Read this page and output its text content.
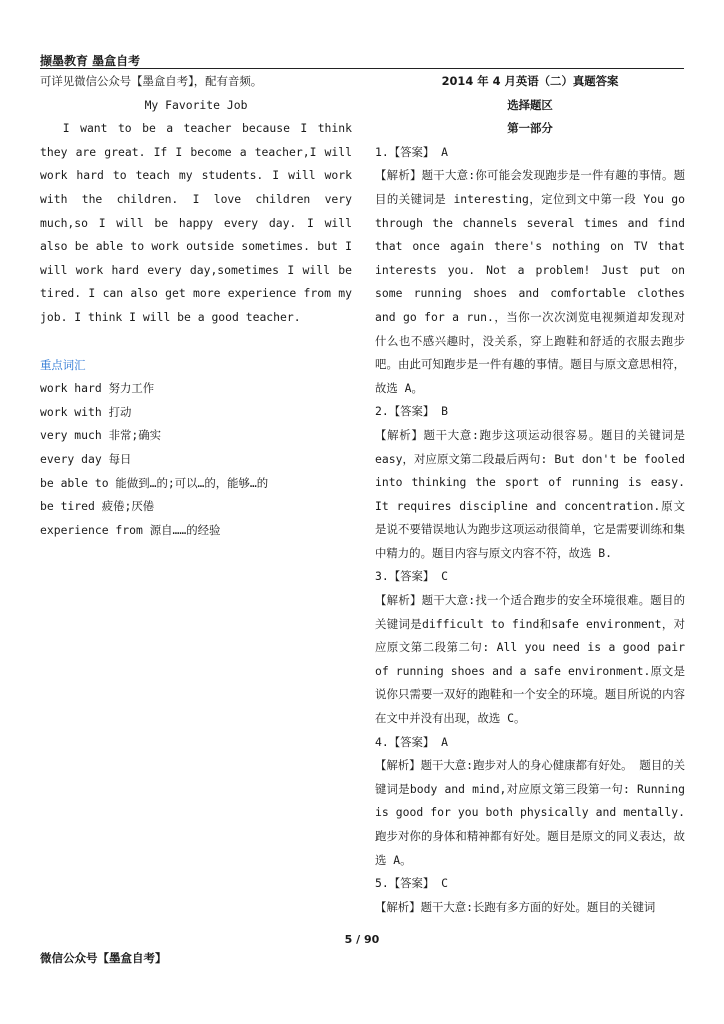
撷墨教育 墨盒自考

可详见微信公众号【墨盒自考】，配有音频。

My Favorite Job

I want to be a teacher because I think they are great. If I become a teacher,I will work hard to teach my students. I will work with the children. I love children very much,so I will be happy every day. I will also be able to work outside sometimes. but I will work hard every day,sometimes I will be tired. I can also get more experience from my job. I think I will be a good teacher.

重点词汇

work hard 努力工作

work with 打动

very much 非常;确实

every day 每日

be able to 能做到…的;可以…的，能够…的

be tired 疲倦;厌倦

experience from 源自……的经验

2014 年 4 月英语（二）真题答案

选择题区

第一部分

1.【答案】 A

【解析】题干大意:你可能会发现跑步是一件有趣的事情。题目的关键词是 interesting，定位到文中第一段 You go through the channels several times and find that once again there's nothing on TV that interests you. Not a problem! Just put on some running shoes and comfortable clothes and go for a run.，当你一次次浏览电视频道却发现对什么也不感兴趣时，没关系，穿上跑鞋和舒适的衣服去跑步吧。由此可知跑步是一件有趣的事情。题目与原文意思相符，故选 A。

2.【答案】 B

【解析】题干大意:跑步这项运动很容易。题目的关键词是 easy，对应原文第二段最后两句: But don't be fooled into thinking the sport of running is easy. It requires discipline and concentration.原文是说不要错误地认为跑步这项运动很简单，它是需要训练和集中精力的。题目内容与原文内容不符，故选 B.

3.【答案】 C

【解析】题干大意:找一个适合跑步的安全环境很难。题目的关键词是difficult to find和safe environment，对应原文第二段第二句: All you need is a good pair of running shoes and a safe environment.原文是说你只需要一双好的跑鞋和一个安全的环境。题目所说的内容在文中并没有出现，故选 C。

4.【答案】 A

【解析】题干大意:跑步对人的身心健康都有好处。 题目的关键词是body and mind,对应原文第三段第一句: Running is good for you both physically and mentally. 跑步对你的身体和精神都有好处。题目是原文的同义表达，故选 A。

5.【答案】 C

【解析】题干大意:长跑有多方面的好处。题目的关键词

5 / 90
微信公众号【墨盒自考】
